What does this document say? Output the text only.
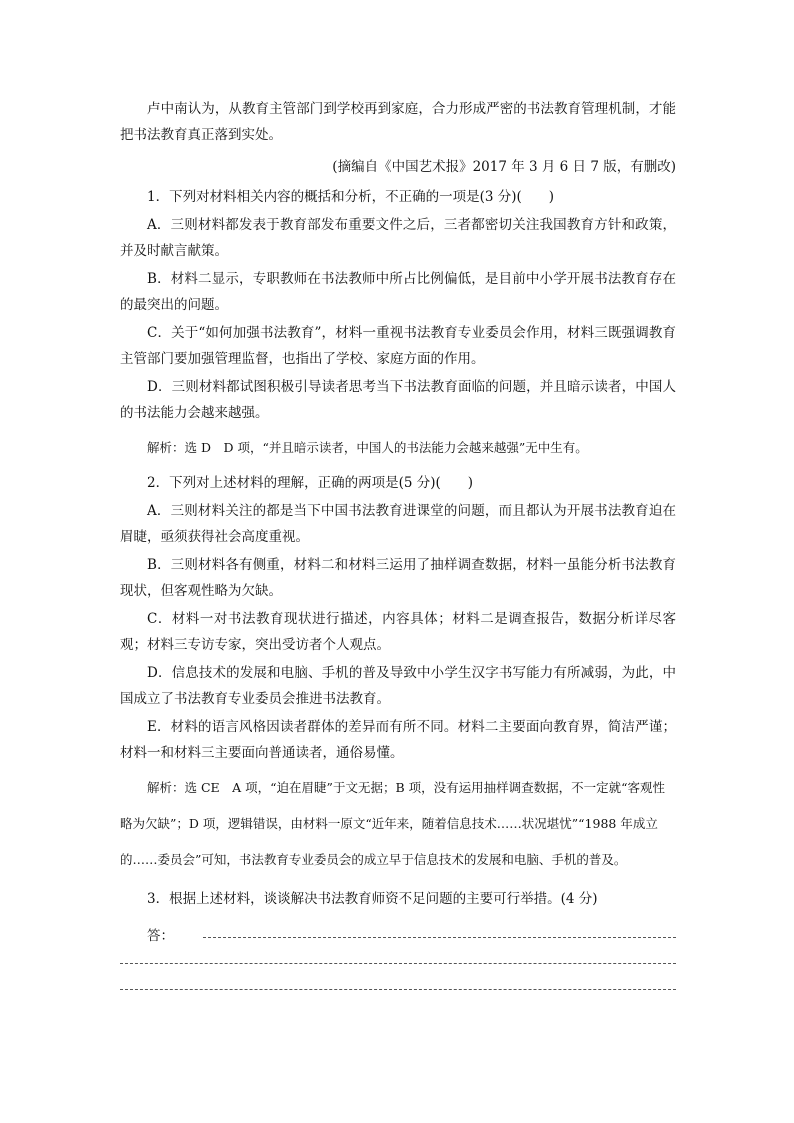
卢中南认为，从教育主管部门到学校再到家庭，合力形成严密的书法教育管理机制，才能把书法教育真正落到实处。

(摘编自《中国艺术报》2017 年 3 月 6 日 7 版，有删改)

1．下列对材料相关内容的概括和分析，不正确的一项是(3 分)(　　)

A．三则材料都发表于教育部发布重要文件之后，三者都密切关注我国教育方针和政策，并及时献言献策。

B．材料二显示，专职教师在书法教师中所占比例偏低，是目前中小学开展书法教育存在的最突出的问题。

C．关于“如何加强书法教育”，材料一重视书法教育专业委员会作用，材料三既强调教育主管部门要加强管理监督，也指出了学校、家庭方面的作用。

D．三则材料都试图积极引导读者思考当下书法教育面临的问题，并且暗示读者，中国人的书法能力会越来越强。

解析：选 D　D 项，“并且暗示读者，中国人的书法能力会越来越强”无中生有。

2．下列对上述材料的理解，正确的两项是(5 分)(　　)

A．三则材料关注的都是当下中国书法教育进课堂的问题，而且都认为开展书法教育迫在眉睫，亟须获得社会高度重视。

B．三则材料各有侧重，材料二和材料三运用了抽样调查数据，材料一虽能分析书法教育现状，但客观性略为欠缺。

C．材料一对书法教育现状进行描述，内容具体；材料二是调查报告，数据分析详尽客观；材料三专访专家，突出受访者个人观点。

D．信息技术的发展和电脑、手机的普及导致中小学生汉字书写能力有所减弱，为此，中国成立了书法教育专业委员会推进书法教育。

E．材料的语言风格因读者群体的差异而有所不同。材料二主要面向教育界，简洁严谨；材料一和材料三主要面向普通读者，通俗易懂。

解析：选 CE　A 项，“迫在眉睫”于文无据；B 项，没有运用抽样调查数据，不一定就“客观性略为欠缺”；D 项，逻辑错误，由材料一原文“近年来，随着信息技术……状况堪忧”“1988 年成立的……委员会”可知，书法教育专业委员会的成立早于信息技术的发展和电脑、手机的普及。

3．根据上述材料，谈谈解决书法教育师资不足问题的主要可行举措。(4 分)

答：
